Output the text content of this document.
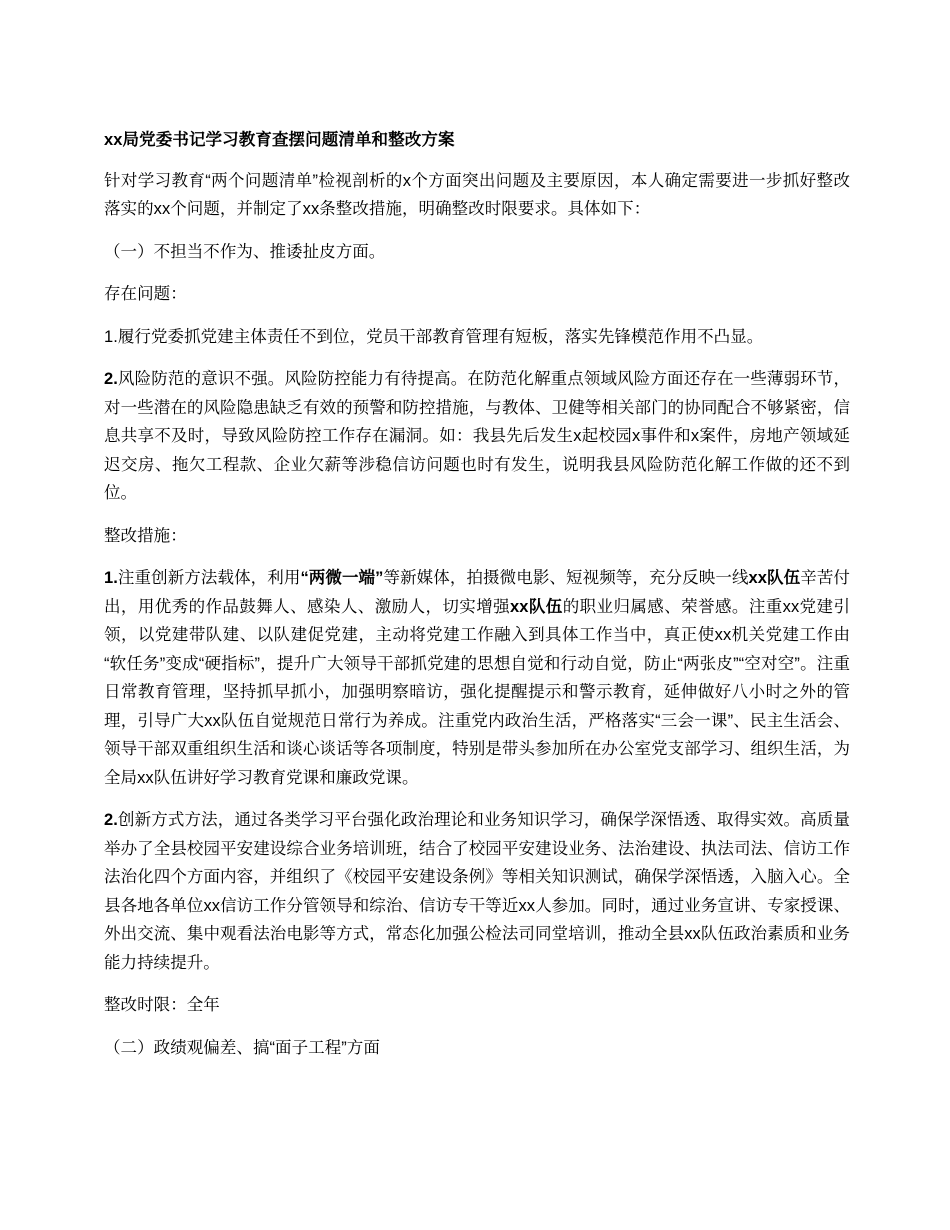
xx局党委书记学习教育查摆问题清单和整改方案

针对学习教育“两个问题清单”检视剖析的x个方面突出问题及主要原因，本人确定需要进一步抓好整改落实的xx个问题，并制定了xx条整改措施，明确整改时限要求。具体如下：

（一）不担当不作为、推诿扯皮方面。

存在问题：

1.履行党委抓党建主体责任不到位，党员干部教育管理有短板，落实先锋模范作用不凸显。

2.风险防范的意识不强。风险防控能力有待提高。在防范化解重点领域风险方面还存在一些薄弱环节，对一些潜在的风险隐患缺乏有效的预警和防控措施，与教体、卫健等相关部门的协同配合不够紧密，信息共享不及时，导致风险防控工作存在漏洞。如：我县先后发生x起校园x事件和x案件，房地产领域延迟交房、拖欠工程款、企业欠薪等涉稳信访问题也时有发生，说明我县风险防范化解工作做的还不到位。

整改措施：

1.注重创新方法载体，利用“两微一端”等新媒体，拍摄微电影、短视频等，充分反映一线xx队伍辛苦付出，用优秀的作品鼓舞人、感染人、激励人，切实增强xx队伍的职业归属感、荣誉感。注重xx党建引领，以党建带队建、以队建促党建，主动将党建工作融入到具体工作当中，真正使xx机关党建工作由“软任务”变成“硬指标”，提升广大领导干部抓党建的思想自觉和行动自觉，防止“两张皮”“空对空”。注重日常教育管理，坚持抓早抓小，加强明察暗访，强化提醒提示和警示教育，延伸做好八小时之外的管理，引导广大xx队伍自觉规范日常行为养成。注重党内政治生活，严格落实“三会一课”、民主生活会、领导干部双重组织生活和谈心谈话等各项制度，特别是带头参加所在办公室党支部学习、组织生活，为全局xx队伍讲好学习教育党课和廉政党课。

2.创新方式方法，通过各类学习平台强化政治理论和业务知识学习，确保学深悟透、取得实效。高质量举办了全县校园平安建设综合业务培训班，结合了校园平安建设业务、法治建设、执法司法、信访工作法治化四个方面内容，并组织了《校园平安建设条例》等相关知识测试，确保学深悟透，入脑入心。全县各地各单位xx信访工作分管领导和综治、信访专干等近xx人参加。同时，通过业务宣讲、专家授课、外出交流、集中观看法治电影等方式，常态化加强公检法司同堂培训，推动全县xx队伍政治素质和业务能力持续提升。

整改时限：全年

（二）政绩观偏差、搞“面子工程”方面
